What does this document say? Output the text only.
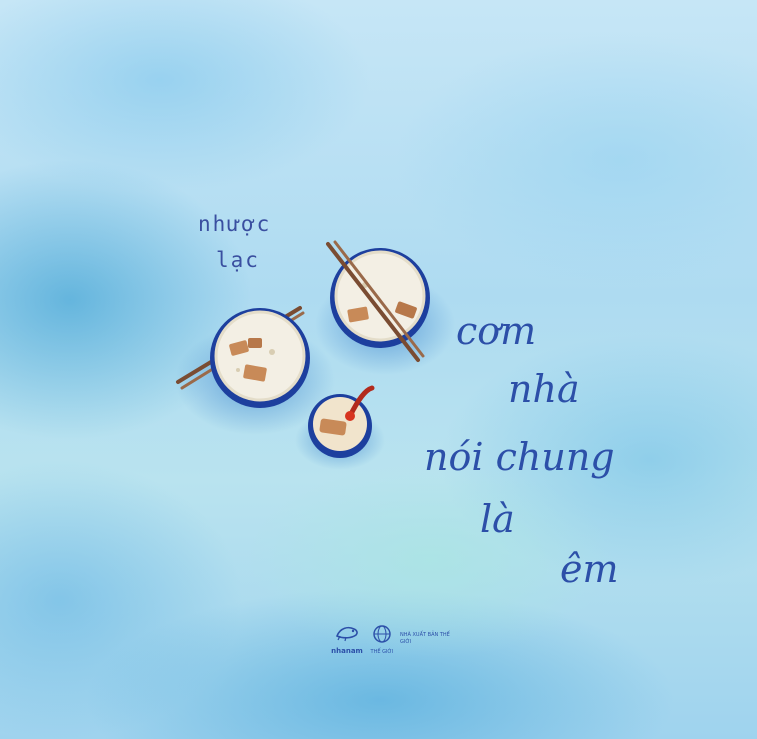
nhược
lạc
cơm
nhà
nói chung
là
êm
nhanam	THẾ GIỚI
NHÀ XUẤT BẢN THẾ GIỚI
